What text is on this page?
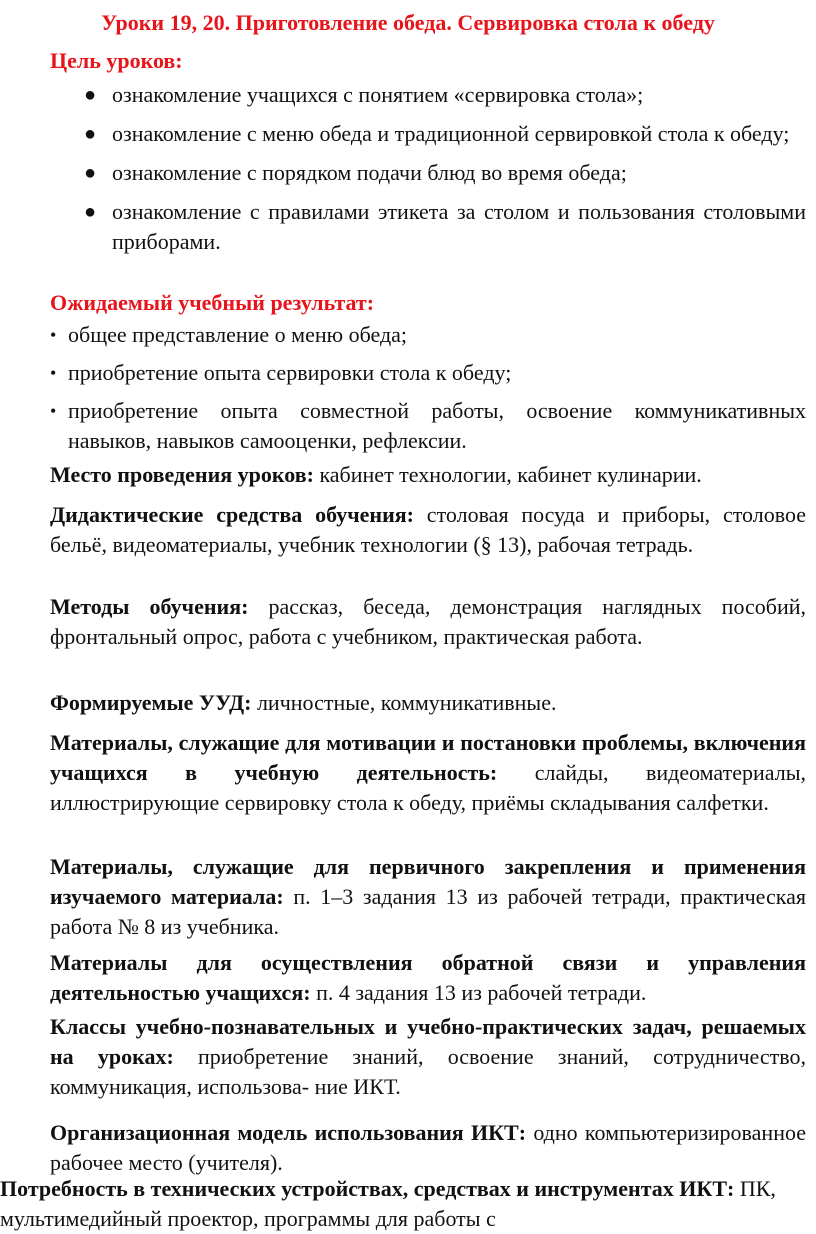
Уроки 19, 20. Приготовление обеда. Сервировка стола к обеду
Цель уроков:
● ознакомление учащихся с понятием «сервировка стола»;
● ознакомление с меню обеда и традиционной сервировкой стола к обеду;
● ознакомление с порядком подачи блюд во время обеда;
● ознакомление с правилами этикета за столом и пользования столовыми приборами.
Ожидаемый учебный результат:
• общее представление о меню обеда;
• приобретение опыта сервировки стола к обеду;
• приобретение опыта совместной работы, освоение коммуникативных навыков, навыков самооценки, рефлексии.
Место проведения уроков: кабинет технологии, кабинет кулинарии.
Дидактические средства обучения: столовая посуда и приборы, столовое бельё, видеоматериалы, учебник технологии (§ 13), рабочая тетрадь.
Методы обучения: рассказ, беседа, демонстрация наглядных пособий, фронтальный опрос, работа с учебником, практическая работа.
Формируемые УУД: личностные, коммуникативные.
Материалы, служащие для мотивации и постановки проблемы, включения учащихся в учебную деятельность: слайды, видеоматериалы, иллюстрирующие сервировку стола к обеду, приёмы складывания салфетки.
Материалы, служащие для первичного закрепления и применения изучаемого материала: п. 1–3 задания 13 из рабочей тетради, практическая работа № 8 из учебника.
Материалы для осуществления обратной связи и управления деятельностью учащихся: п. 4 задания 13 из рабочей тетради.
Классы учебно-познавательных и учебно-практических задач, решаемых на уроках: приобретение знаний, освоение знаний, сотрудничество, коммуникация, использова- ние ИКТ.
Организационная модель использования ИКТ: одно компьютеризированное рабочее место (учителя).
Потребность в технических устройствах, средствах и инструментах ИКТ: ПК, мультимедийный проектор, программы для работы с
